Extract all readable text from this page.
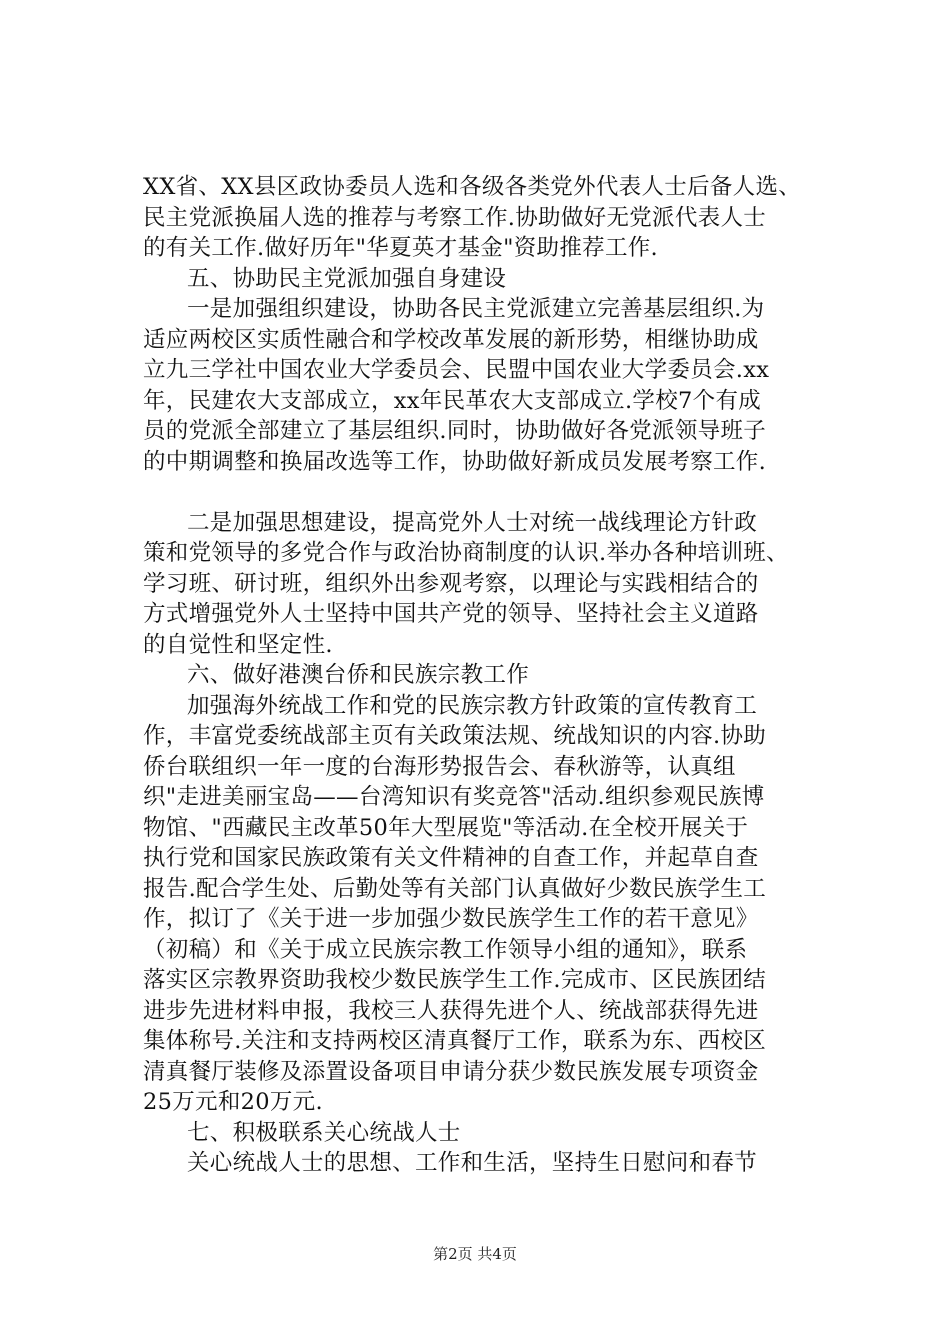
XX省、XX县区政协委员人选和各级各类党外代表人士后备人选、
民主党派换届人选的推荐与考察工作.协助做好无党派代表人士
的有关工作.做好历年"华夏英才基金"资助推荐工作.
五、协助民主党派加强自身建设
一是加强组织建设，协助各民主党派建立完善基层组织.为
适应两校区实质性融合和学校改革发展的新形势，相继协助成
立九三学社中国农业大学委员会、民盟中国农业大学委员会.xx
年，民建农大支部成立，xx年民革农大支部成立.学校7个有成
员的党派全部建立了基层组织.同时，协助做好各党派领导班子
的中期调整和换届改选等工作，协助做好新成员发展考察工作.
二是加强思想建设，提高党外人士对统一战线理论方针政
策和党领导的多党合作与政治协商制度的认识.举办各种培训班、
学习班、研讨班，组织外出参观考察，以理论与实践相结合的
方式增强党外人士坚持中国共产党的领导、坚持社会主义道路
的自觉性和坚定性.
六、做好港澳台侨和民族宗教工作
加强海外统战工作和党的民族宗教方针政策的宣传教育工
作，丰富党委统战部主页有关政策法规、统战知识的内容.协助
侨台联组织一年一度的台海形势报告会、春秋游等，认真组
织"走进美丽宝岛——台湾知识有奖竞答"活动.组织参观民族博
物馆、"西藏民主改革50年大型展览"等活动.在全校开展关于
执行党和国家民族政策有关文件精神的自查工作，并起草自查
报告.配合学生处、后勤处等有关部门认真做好少数民族学生工
作，拟订了《关于进一步加强少数民族学生工作的若干意见》
（初稿）和《关于成立民族宗教工作领导小组的通知》，联系
落实区宗教界资助我校少数民族学生工作.完成市、区民族团结
进步先进材料申报，我校三人获得先进个人、统战部获得先进
集体称号.关注和支持两校区清真餐厅工作，联系为东、西校区
清真餐厅装修及添置设备项目申请分获少数民族发展专项资金
25万元和20万元.
七、积极联系关心统战人士
关心统战人士的思想、工作和生活，坚持生日慰问和春节
第2页 共4页
